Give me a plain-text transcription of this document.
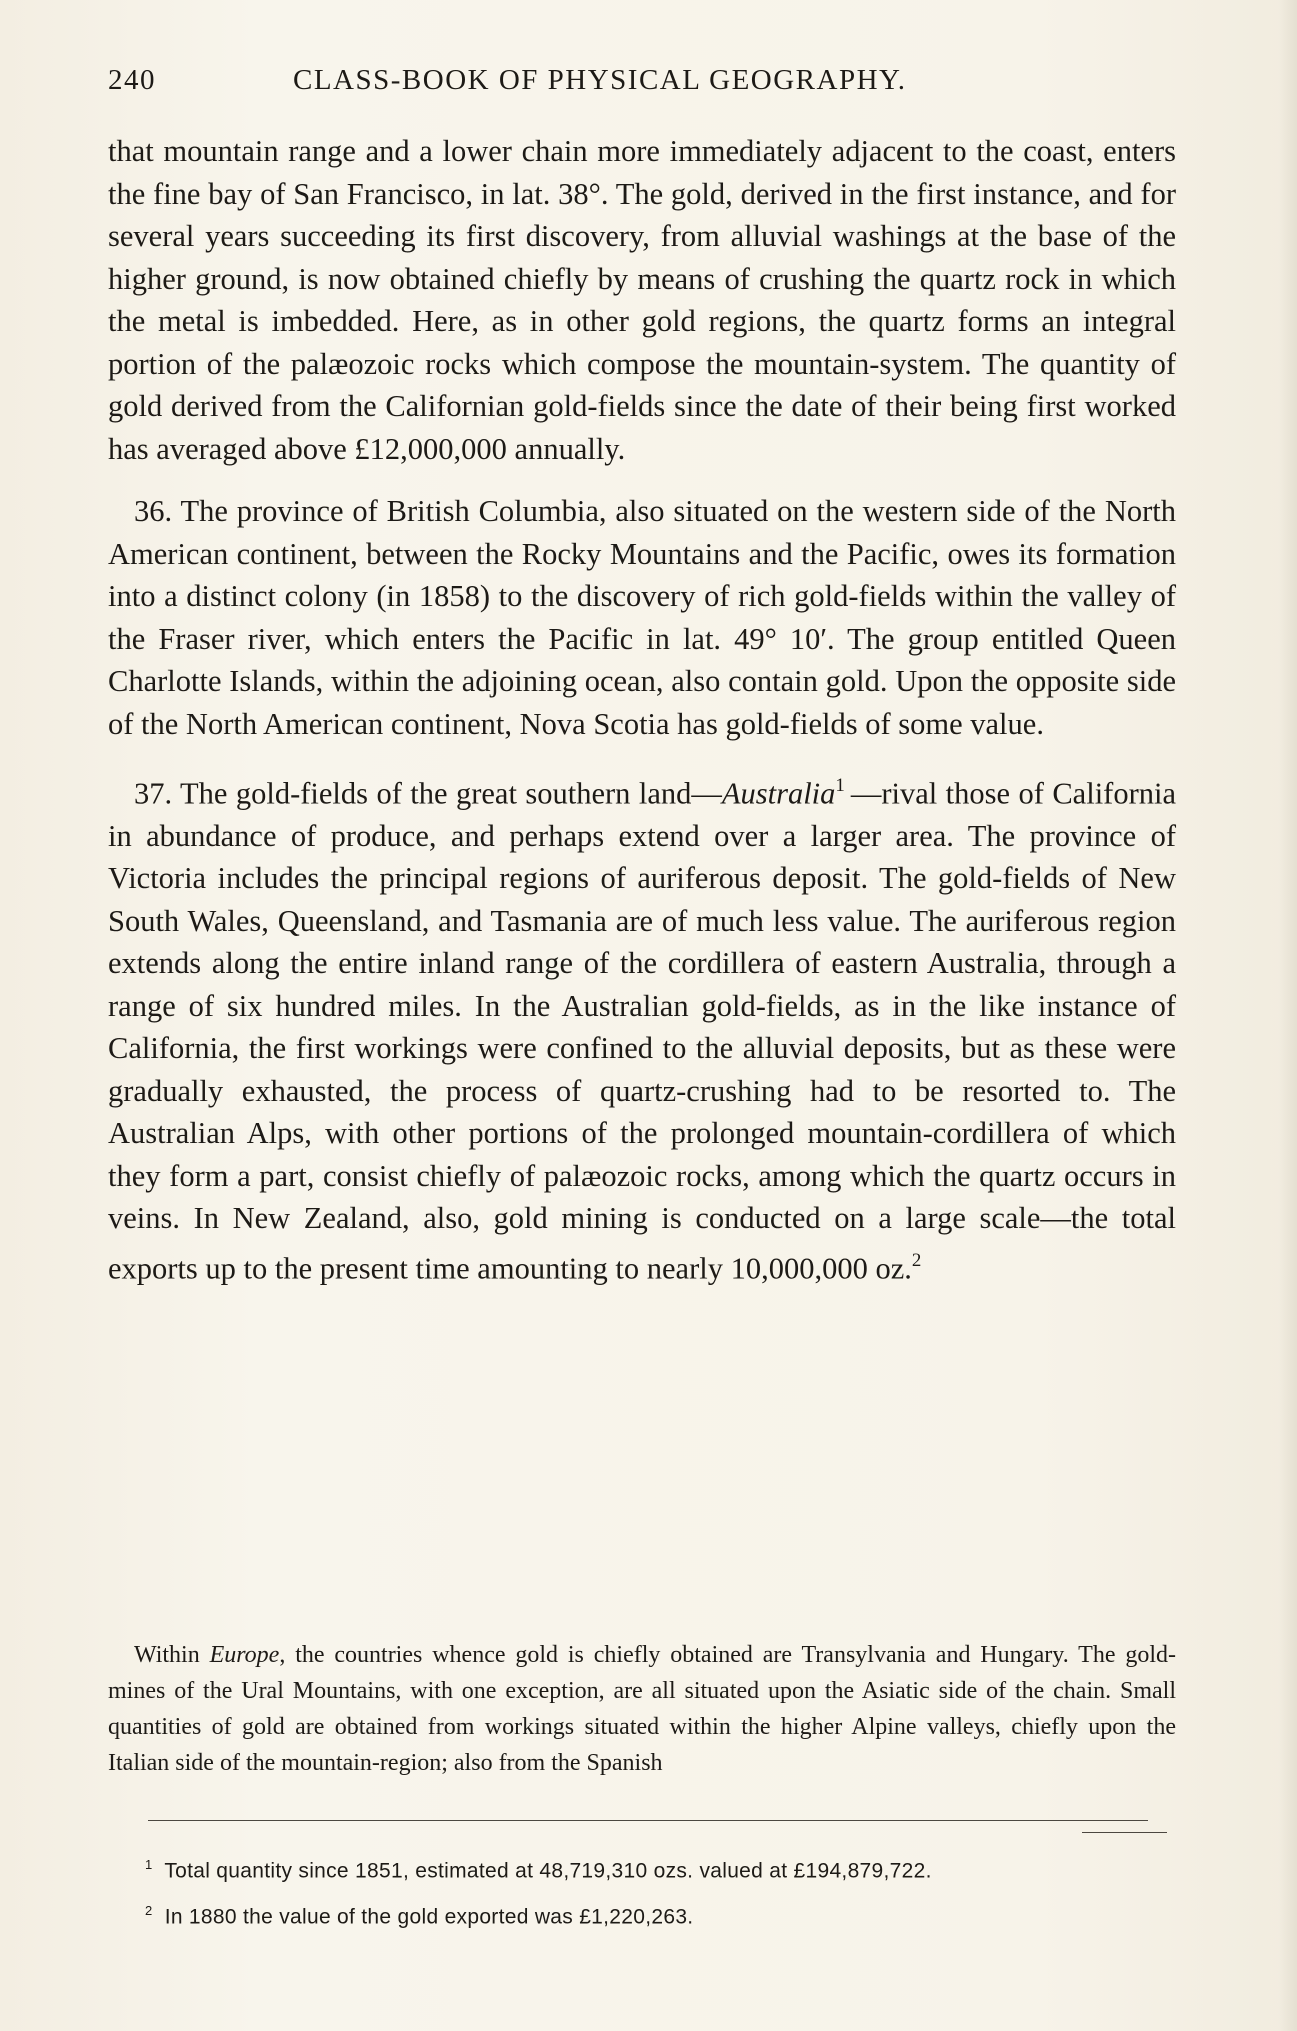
240	CLASS-BOOK OF PHYSICAL GEOGRAPHY.

that mountain range and a lower chain more immediately adjacent to the coast, enters the fine bay of San Francisco, in lat. 38°. The gold, derived in the first instance, and for several years succeeding its first discovery, from alluvial washings at the base of the higher ground, is now obtained chiefly by means of crushing the quartz rock in which the metal is imbedded. Here, as in other gold regions, the quartz forms an integral portion of the palæozoic rocks which compose the mountain-system. The quantity of gold derived from the Californian gold-fields since the date of their being first worked has averaged above £12,000,000 annually.

36. The province of British Columbia, also situated on the western side of the North American continent, between the Rocky Mountains and the Pacific, owes its formation into a distinct colony (in 1858) to the discovery of rich gold-fields within the valley of the Fraser river, which enters the Pacific in lat. 49° 10′. The group entitled Queen Charlotte Islands, within the adjoining ocean, also contain gold. Upon the opposite side of the North American continent, Nova Scotia has gold-fields of some value.

37. The gold-fields of the great southern land—Australia$^1$ —rival those of California in abundance of produce, and perhaps extend over a larger area. The province of Victoria includes the principal regions of auriferous deposit. The gold-fields of New South Wales, Queensland, and Tasmania are of much less value. The auriferous region extends along the entire inland range of the cordillera of eastern Australia, through a range of six hundred miles. In the Australian gold-fields, as in the like instance of California, the first workings were confined to the alluvial deposits, but as these were gradually exhausted, the process of quartz-crushing had to be resorted to. The Australian Alps, with other portions of the prolonged mountain-cordillera of which they form a part, consist chiefly of palæozoic rocks, among which the quartz occurs in veins. In New Zealand, also, gold mining is conducted on a large scale—the total exports up to the present time amounting to nearly 10,000,000 oz.$^2$

Within Europe, the countries whence gold is chiefly obtained are Transylvania and Hungary. The gold-mines of the Ural Mountains, with one exception, are all situated upon the Asiatic side of the chain. Small quantities of gold are obtained from workings situated within the higher Alpine valleys, chiefly upon the Italian side of the mountain-region; also from the Spanish

$^1$ Total quantity since 1851, estimated at 48,719,310 ozs. valued at £194,879,722.

$^2$ In 1880 the value of the gold exported was £1,220,263.
